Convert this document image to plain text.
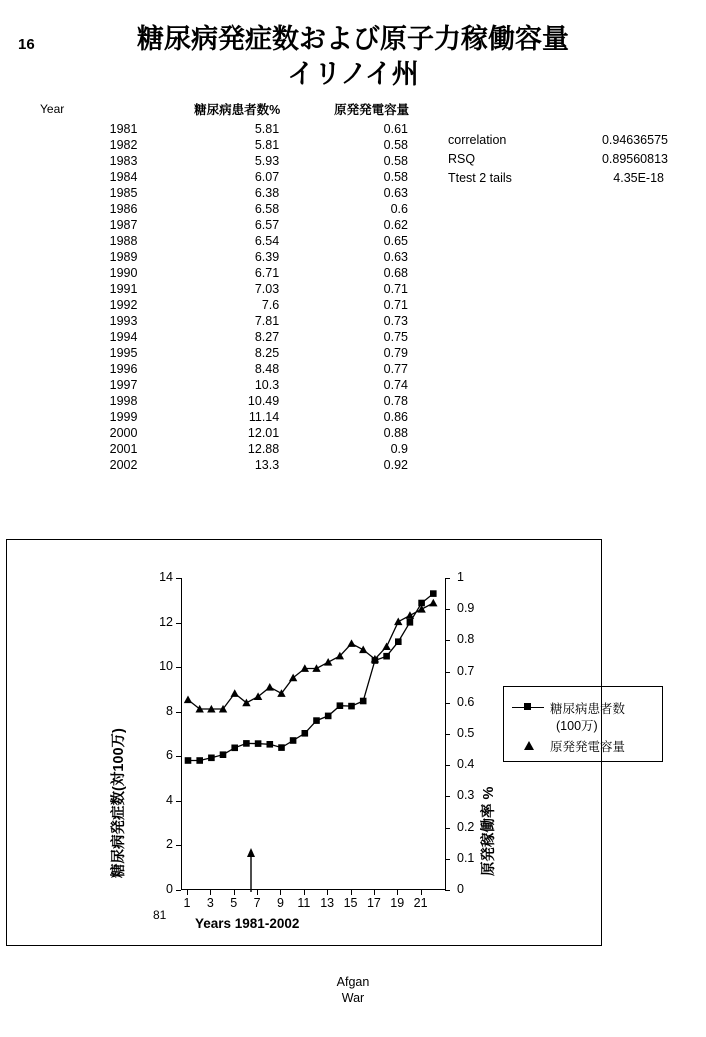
16	糖尿病発症数および原子力稼働容量
イリノイ州
Year	糖尿病患者数%	原発発電容量
1981	5.81	0.61
1982	5.81	0.58
1983	5.93	0.58
1984	6.07	0.58
1985	6.38	0.63
1986	6.58	0.6
1987	6.57	0.62
1988	6.54	0.65
1989	6.39	0.63
1990	6.71	0.68
1991	7.03	0.71
1992	7.6	0.71
1993	7.81	0.73
1994	8.27	0.75
1995	8.25	0.79
1996	8.48	0.77
1997	10.3	0.74
1998	10.49	0.78
1999	11.14	0.86
2000	12.01	0.88
2001	12.88	0.9
2002	13.3	0.92
correlation	0.94636575
RSQ	0.89560813
Ttest 2 tails	4.35E-18
糖尿病発症数(対100万)	原発稼働率 %
0
2
4
6
8
10
12
14
0
0.1
0.2
0.3
0.4
0.5
0.6
0.7
0.8
0.9
1
1	3	5	7	9	11 13 15 17 19 21
Years 1981-2002
81
糖尿病患者数
(100万)
原発発電容量
Afgan
War
